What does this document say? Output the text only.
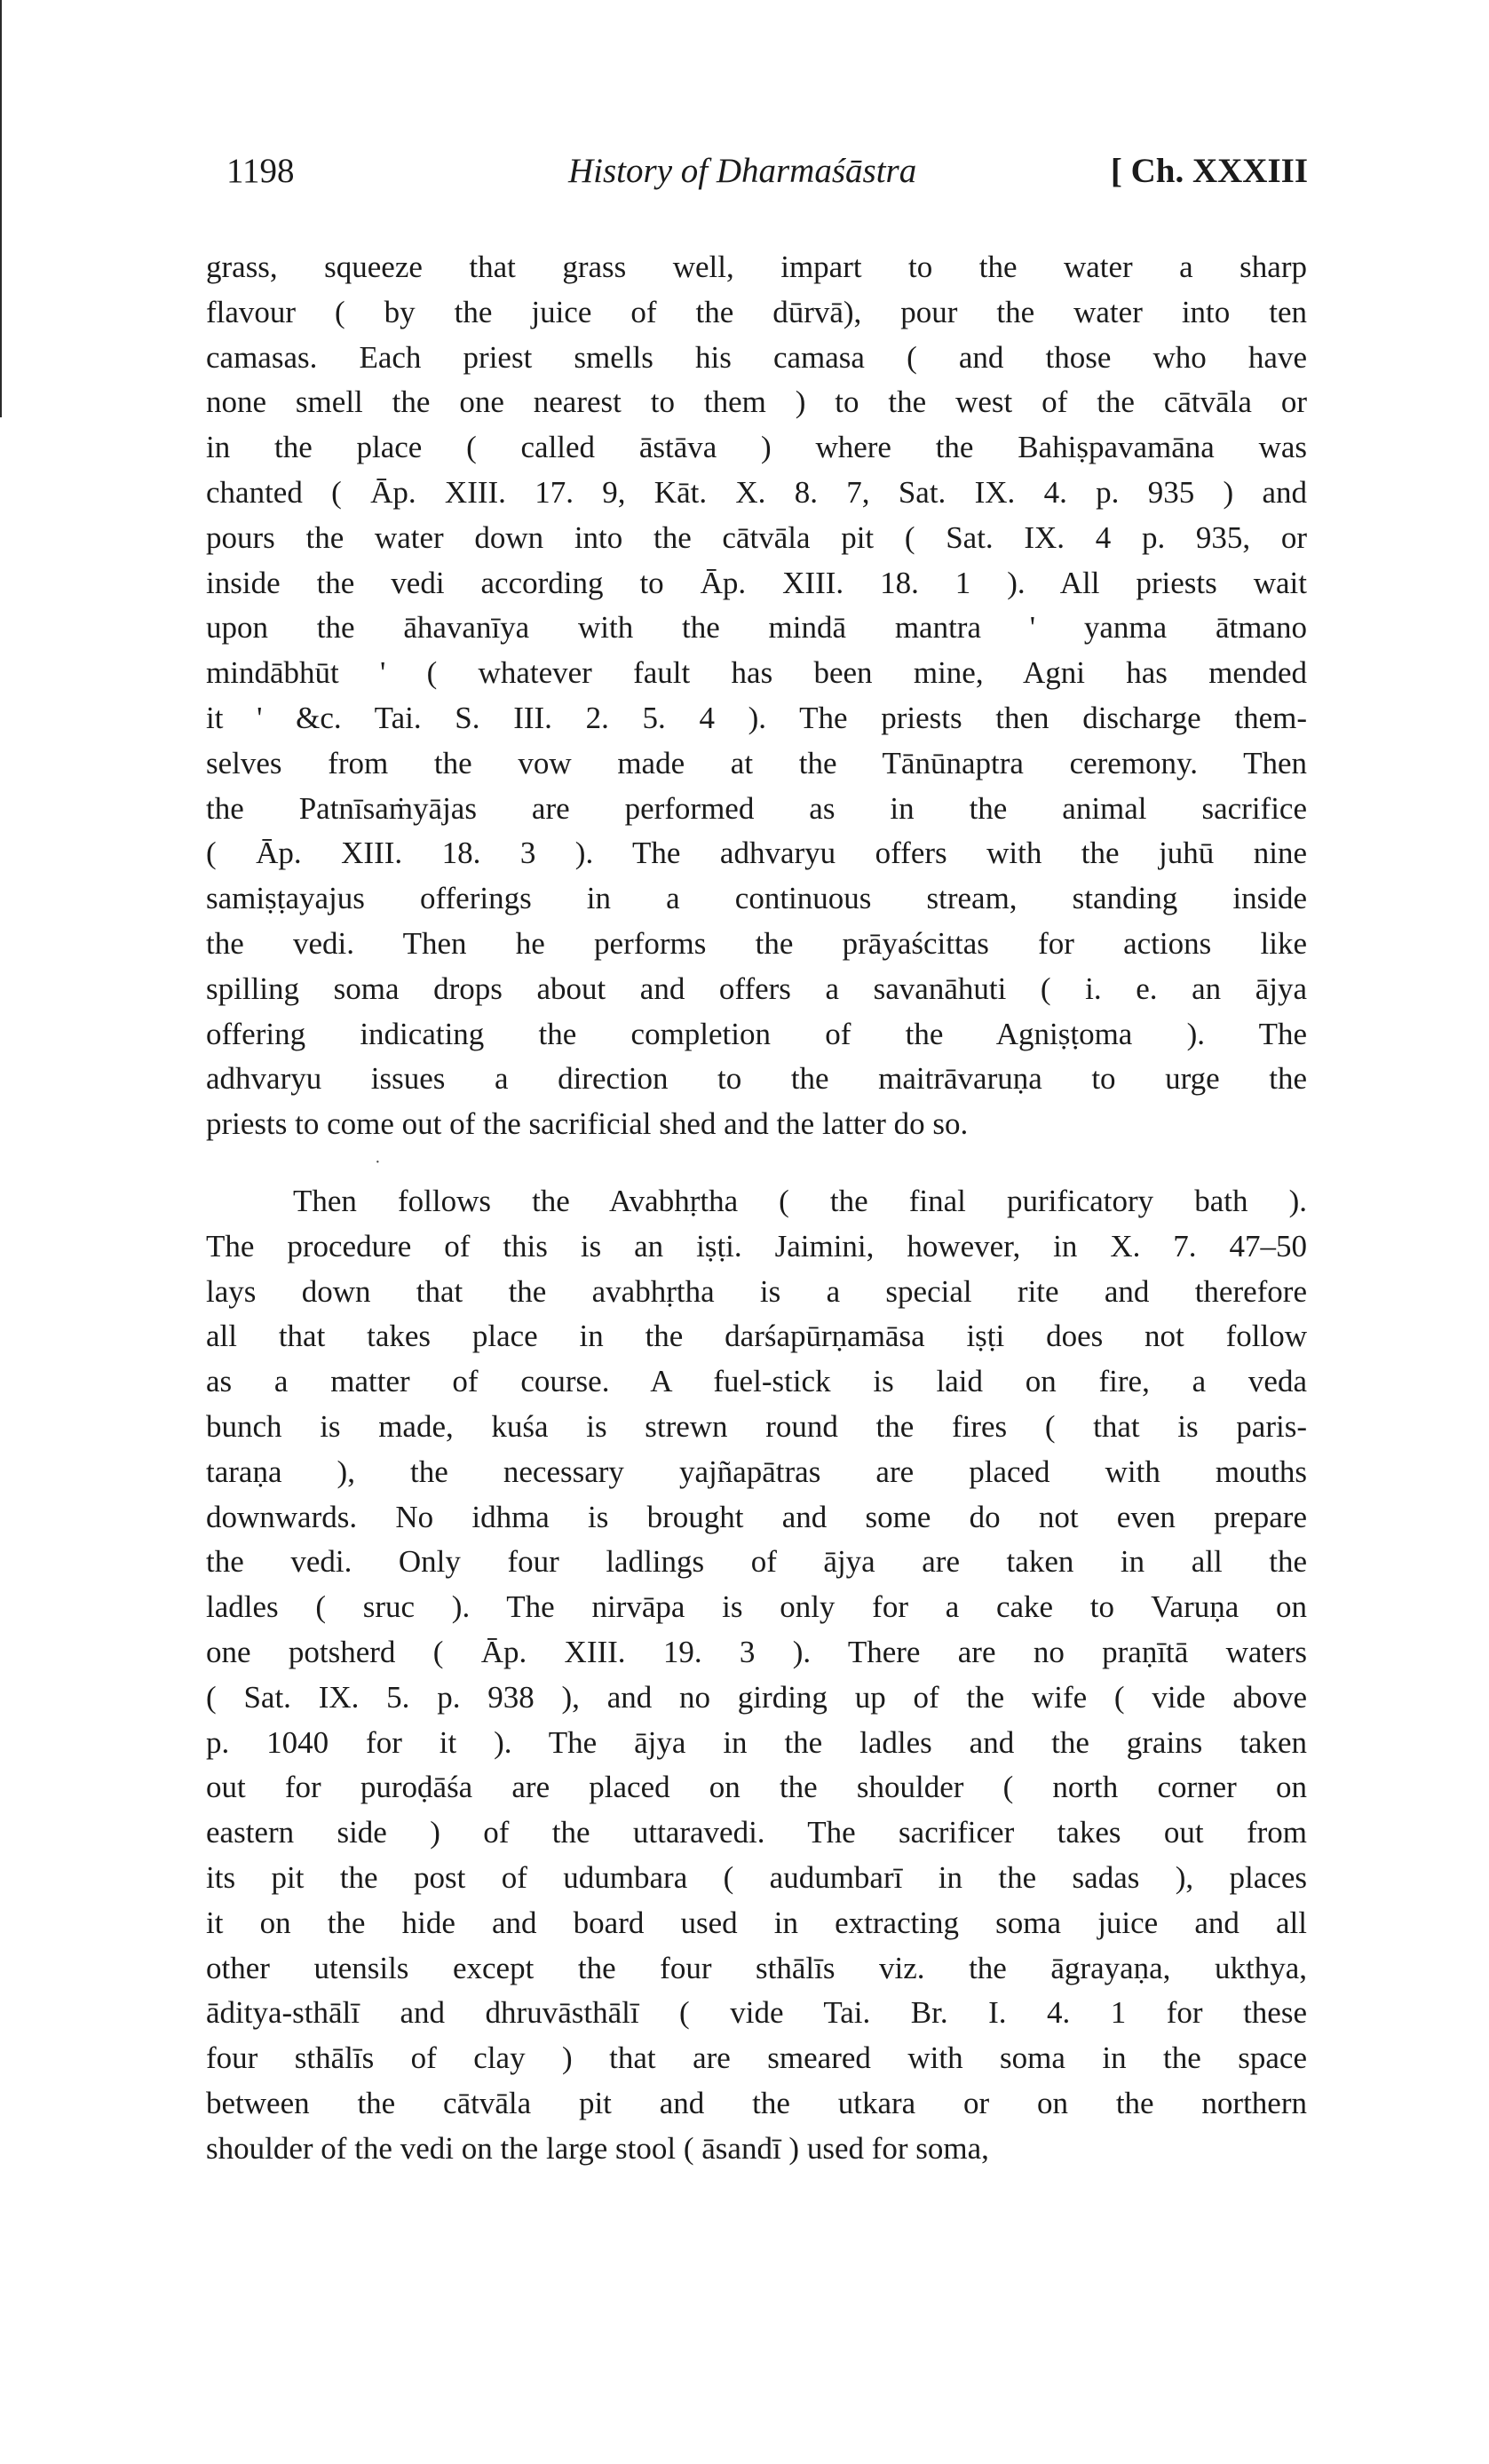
1198	History of Dharmaśāstra	[ Ch. XXXIII
grass, squeeze that grass well, impart to the water a sharp
flavour ( by the juice of the dūrvā), pour the water into ten
camasas. Each priest smells his camasa ( and those who have
none smell the one nearest to them ) to the west of the cātvāla or
in the place ( called āstāva ) where the Bahiṣpavamāna was
chanted ( Āp. XIII. 17. 9, Kāt. X. 8. 7, Sat. IX. 4. p. 935 ) and
pours the water down into the cātvāla pit ( Sat. IX. 4 p. 935, or
inside the vedi according to Āp. XIII. 18. 1 ). All priests wait
upon the āhavanīya with the mindā mantra ' yanma ātmano
mindābhūt ' ( whatever fault has been mine, Agni has mended
it ' &c. Tai. S. III. 2. 5. 4 ). The priests then discharge them-
selves from the vow made at the Tānūnaptra ceremony. Then
the Patnīsaṁyājas are performed as in the animal sacrifice
( Āp. XIII. 18. 3 ). The adhvaryu offers with the juhū nine
samiṣṭayajus offerings in a continuous stream, standing inside
the vedi. Then he performs the prāyaścittas for actions like
spilling soma drops about and offers a savanāhuti ( i. e. an ājya
offering indicating the completion of the Agniṣṭoma ). The
adhvaryu issues a direction to the maitrāvaruṇa to urge the
priests to come out of the sacrificial shed and the latter do so.
·
Then follows the Avabhṛtha ( the final purificatory bath ).
The procedure of this is an iṣṭi. Jaimini, however, in X. 7. 47–50
lays down that the avabhṛtha is a special rite and therefore
all that takes place in the darśapūrṇamāsa iṣṭi does not follow
as a matter of course. A fuel-stick is laid on fire, a veda
bunch is made, kuśa is strewn round the fires ( that is paris-
taraṇa ), the necessary yajñapātras are placed with mouths
downwards. No idhma is brought and some do not even prepare
the vedi. Only four ladlings of ājya are taken in all the
ladles ( sruc ). The nirvāpa is only for a cake to Varuṇa on
one potsherd ( Āp. XIII. 19. 3 ). There are no praṇītā waters
( Sat. IX. 5. p. 938 ), and no girding up of the wife ( vide above
p. 1040 for it ). The ājya in the ladles and the grains taken
out for puroḍāśa are placed on the shoulder ( north corner on
eastern side ) of the uttaravedi. The sacrificer takes out from
its pit the post of udumbara ( audumbarī in the sadas ), places
it on the hide and board used in extracting soma juice and all
other utensils except the four sthālīs viz. the āgrayaṇa, ukthya,
āditya-sthālī and dhruvāsthālī ( vide Tai. Br. I. 4. 1 for these
four sthālīs of clay ) that are smeared with soma in the space
between the cātvāla pit and the utkara or on the northern
shoulder of the vedi on the large stool ( āsandī ) used for soma,
